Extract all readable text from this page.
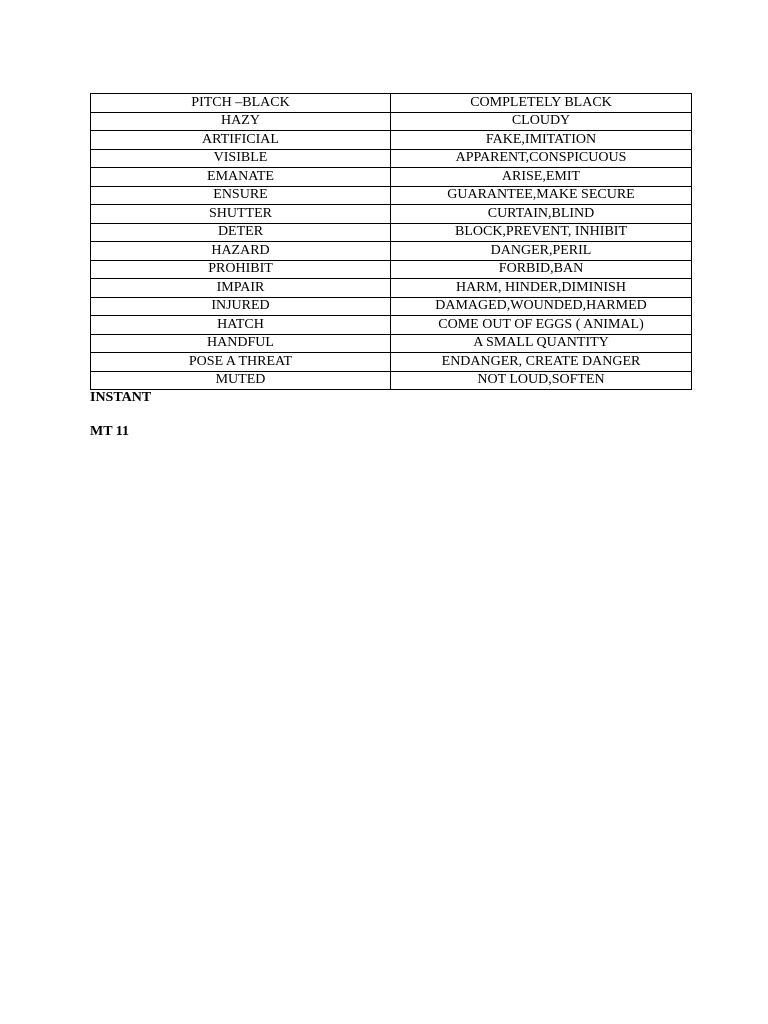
PITCH –BLACK	COMPLETELY BLACK
HAZY	CLOUDY
ARTIFICIAL	FAKE,IMITATION
VISIBLE	APPARENT,CONSPICUOUS
EMANATE	ARISE,EMIT
ENSURE	GUARANTEE,MAKE SECURE
SHUTTER	CURTAIN,BLIND
DETER	BLOCK,PREVENT, INHIBIT
HAZARD	DANGER,PERIL
PROHIBIT	FORBID,BAN
IMPAIR	HARM, HINDER,DIMINISH
INJURED	DAMAGED,WOUNDED,HARMED
HATCH	COME OUT OF EGGS ( ANIMAL)
HANDFUL	A SMALL QUANTITY
POSE A THREAT	ENDANGER, CREATE DANGER
MUTED	NOT LOUD,SOFTEN
INSTANT
MT 11
